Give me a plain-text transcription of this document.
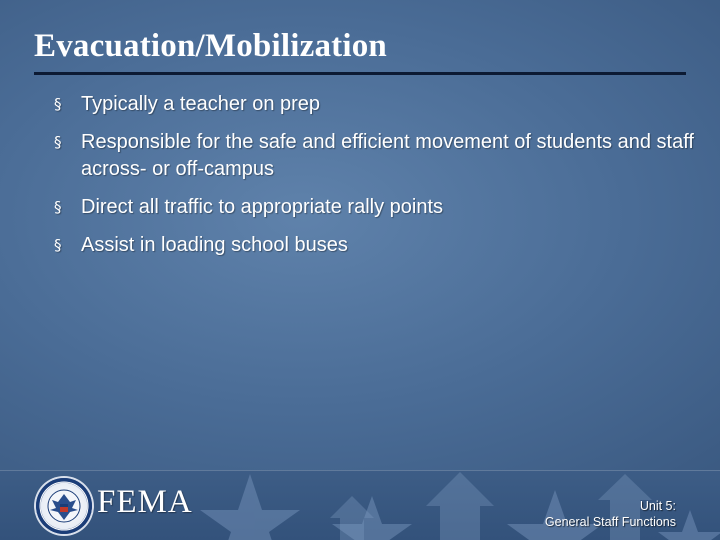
Evacuation/Mobilization
§ Typically a teacher on prep
§ Responsible for the safe and efficient movement of students and staff across- or off-campus
§ Direct all traffic to appropriate rally points
§ Assist in loading school buses
FEMA	Unit 5:
General Staff Functions
